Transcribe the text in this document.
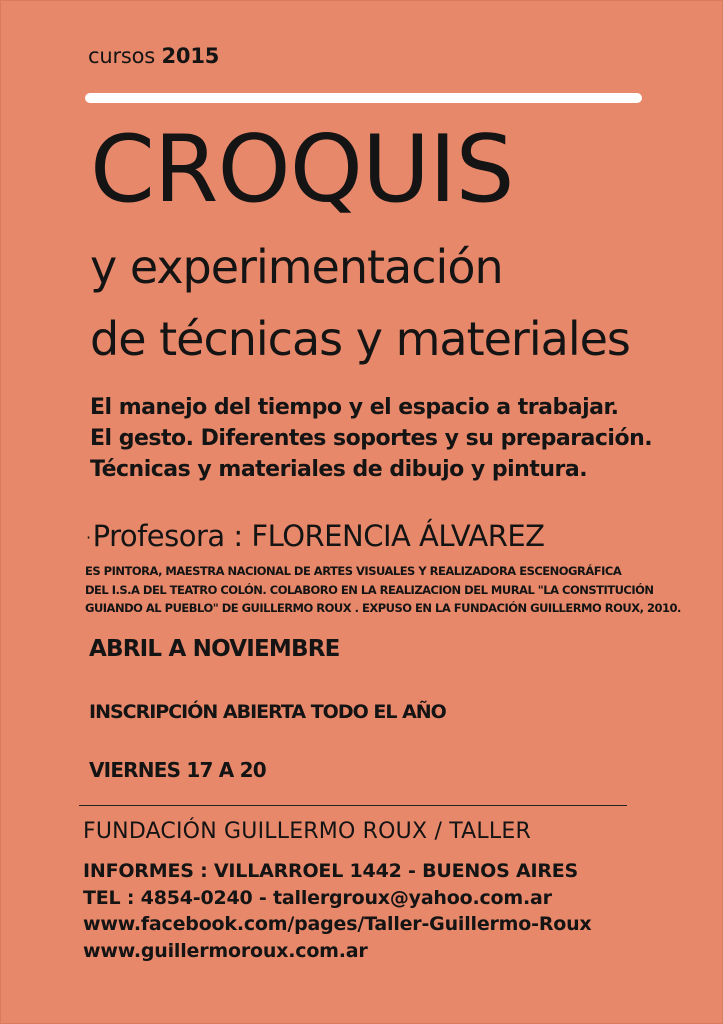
cursos 2015

CROQUIS
y experimentación
de técnicas y materiales

El manejo del tiempo y el espacio a trabajar.

El gesto. Diferentes soportes y su preparación.

Técnicas y materiales de dibujo y pintura.

·Profesora : FLORENCIA ÁLVAREZ

ES PINTORA, MAESTRA NACIONAL DE ARTES VISUALES Y REALIZADORA ESCENOGRÁFICA

DEL I.S.A DEL TEATRO COLÓN. COLABORO EN LA REALIZACION DEL MURAL "LA CONSTITUCIÓN

GUIANDO AL PUEBLO" DE GUILLERMO ROUX . EXPUSO EN LA FUNDACIÓN GUILLERMO ROUX, 2010.

ABRIL A NOVIEMBRE

INSCRIPCIÓN ABIERTA TODO EL AÑO

VIERNES 17 A 20

FUNDACIÓN GUILLERMO ROUX / TALLER

INFORMES : VILLARROEL 1442 - BUENOS AIRES

TEL : 4854-0240 - tallergroux@yahoo.com.ar

www.facebook.com/pages/Taller-Guillermo-Roux

www.guillermoroux.com.ar
